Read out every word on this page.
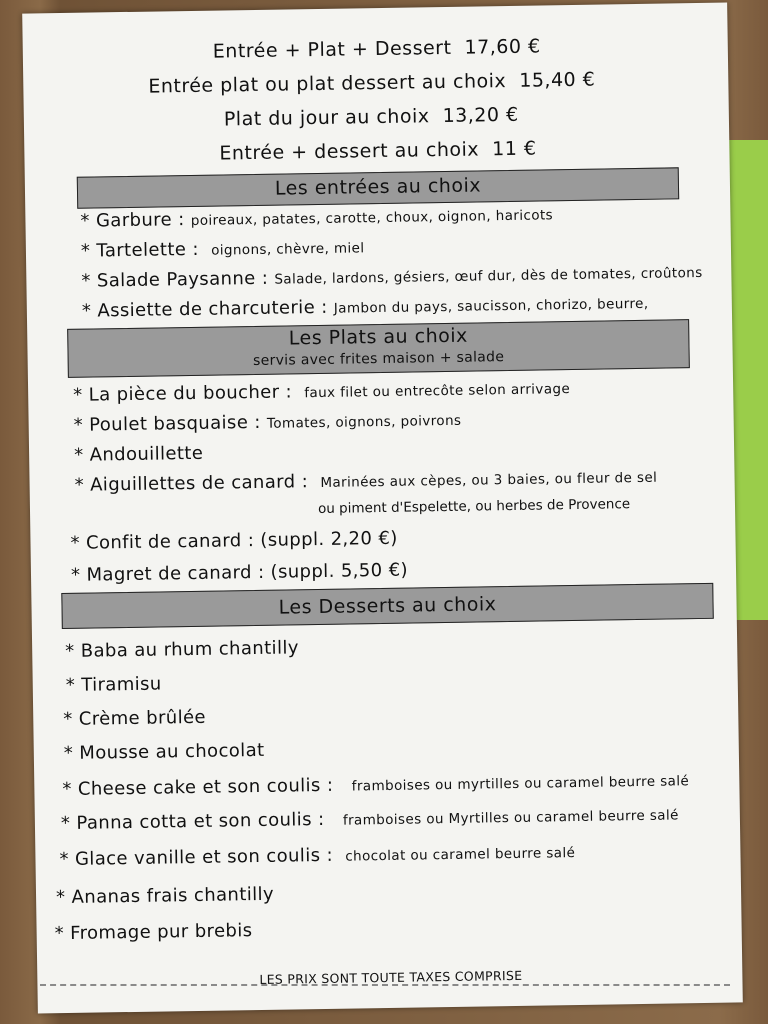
Entrée + Plat + Dessert 17,60 €
Entrée plat ou plat dessert au choix 15,40 €
Plat du jour au choix 13,20 €
Entrée + dessert au choix 11 €
Les entrées au choix
* Garbure : poireaux, patates, carotte, choux, oignon, haricots
* Tartelette : oignons, chèvre, miel
* Salade Paysanne : Salade, lardons, gésiers, œuf dur, dès de tomates, croûtons
* Assiette de charcuterie : Jambon du pays, saucisson, chorizo, beurre,
Les Plats au choix
servis avec frites maison + salade
* La pièce du boucher : faux filet ou entrecôte selon arrivage
* Poulet basquaise : Tomates, oignons, poivrons
* Andouillette
* Aiguillettes de canard : Marinées aux cèpes, ou 3 baies, ou fleur de sel
ou piment d'Espelette, ou herbes de Provence
* Confit de canard : (suppl. 2,20 €)
* Magret de canard : (suppl. 5,50 €)
Les Desserts au choix
* Baba au rhum chantilly
* Tiramisu
* Crème brûlée
* Mousse au chocolat
* Cheese cake et son coulis : framboises ou myrtilles ou caramel beurre salé
* Panna cotta et son coulis : framboises ou Myrtilles ou caramel beurre salé
* Glace vanille et son coulis : chocolat ou caramel beurre salé
* Ananas frais chantilly
* Fromage pur brebis
LES PRIX SONT TOUTE TAXES COMPRISE
